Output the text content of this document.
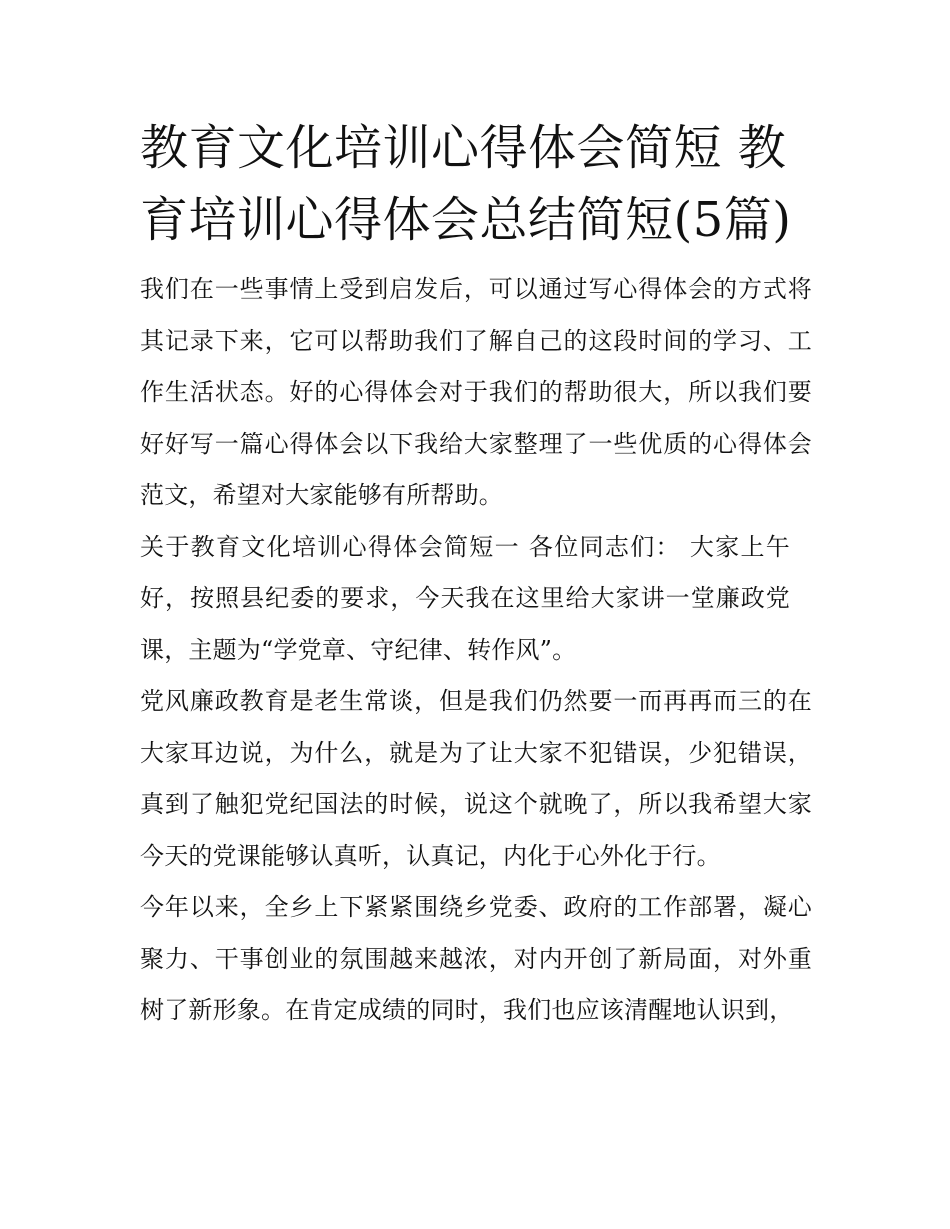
教育文化培训心得体会简短 教育培训心得体会总结简短(5篇)

我们在一些事情上受到启发后，可以通过写心得体会的方式将其记录下来，它可以帮助我们了解自己的这段时间的学习、工作生活状态。好的心得体会对于我们的帮助很大，所以我们要好好写一篇心得体会以下我给大家整理了一些优质的心得体会范文，希望对大家能够有所帮助。

关于教育文化培训心得体会简短一 各位同志们： 大家上午好，按照县纪委的要求，今天我在这里给大家讲一堂廉政党课，主题为“学党章、守纪律、转作风”。

党风廉政教育是老生常谈，但是我们仍然要一而再再而三的在大家耳边说，为什么，就是为了让大家不犯错误，少犯错误，真到了触犯党纪国法的时候，说这个就晚了，所以我希望大家今天的党课能够认真听，认真记，内化于心外化于行。

今年以来，全乡上下紧紧围绕乡党委、政府的工作部署，凝心聚力、干事创业的氛围越来越浓，对内开创了新局面，对外重树了新形象。在肯定成绩的同时，我们也应该清醒地认识到，
